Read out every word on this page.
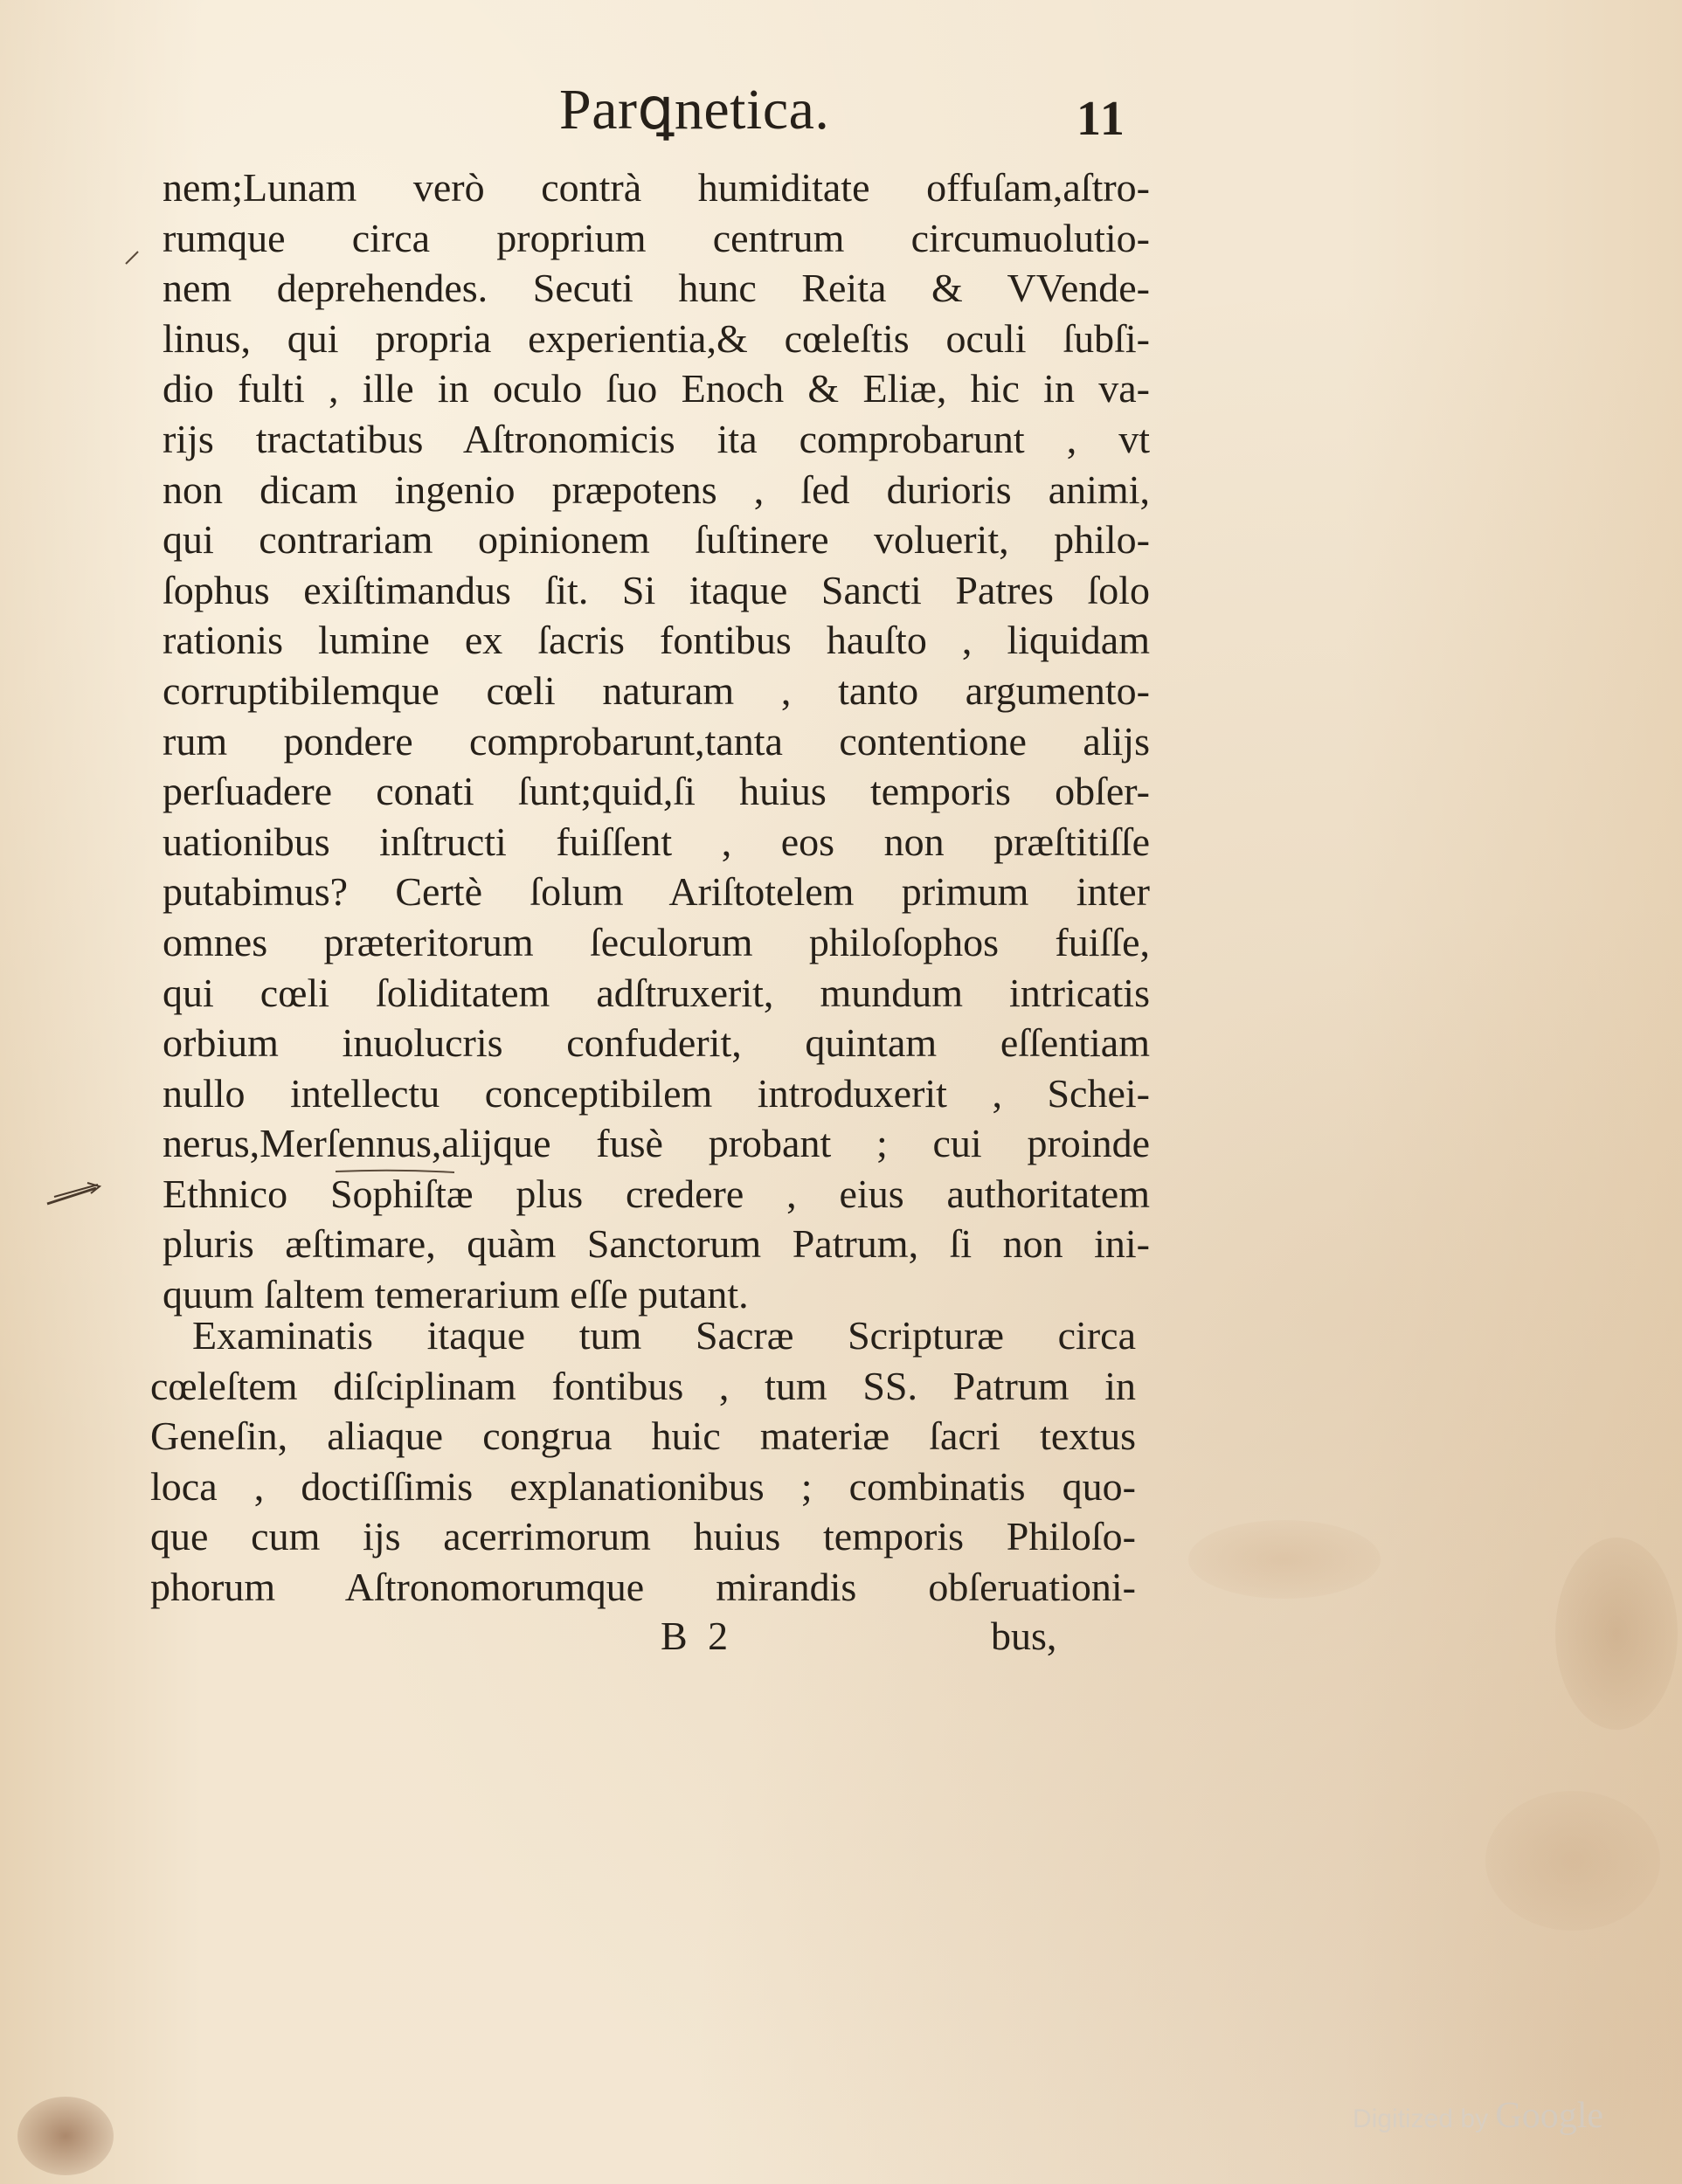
Parꝗnetica.	11
nem;Lunam verò contrà humiditate offuſam,aſtro-
rumque circa proprium centrum circumuolutio-
nem deprehendes. Secuti hunc Reita & VVende-
linus, qui propria experientia,& cœleſtis oculi ſubſi-
dio fulti , ille in oculo ſuo Enoch & Eliæ, hic in va-
rijs tractatibus Aſtronomicis ita comprobarunt , vt
non dicam ingenio præpotens , ſed durioris animi,
qui contrariam opinionem ſuſtinere voluerit, philo-
ſophus exiſtimandus ſit. Si itaque Sancti Patres ſolo
rationis lumine ex ſacris fontibus hauſto , liquidam
corruptibilemque cœli naturam , tanto argumento-
rum pondere comprobarunt,tanta contentione alijs
perſuadere conati ſunt;quid,ſi huius temporis obſer-
uationibus inſtructi fuiſſent , eos non præſtitiſſe
putabimus? Certè ſolum Ariſtotelem primum inter
omnes præteritorum ſeculorum philoſophos fuiſſe,
qui cœli ſoliditatem adſtruxerit, mundum intricatis
orbium inuolucris confuderit, quintam eſſentiam
nullo intellectu conceptibilem introduxerit , Schei-
nerus,Merſennus,alijque fusè probant ; cui proinde
Ethnico Sophiſtæ plus credere , eius authoritatem
pluris æſtimare, quàm Sanctorum Patrum, ſi non ini-
quum ſaltem temerarium eſſe putant.
Examinatis itaque tum Sacræ Scripturæ circa
cœleſtem diſciplinam fontibus , tum SS. Patrum in
Geneſin, aliaque congrua huic materiæ ſacri textus
loca , doctiſſimis explanationibus ; combinatis quo-
que cum ijs acerrimorum huius temporis Philoſo-
phorum Aſtronomorumque mirandis obſeruationi-
B 2	bus,
Digitized by Google
